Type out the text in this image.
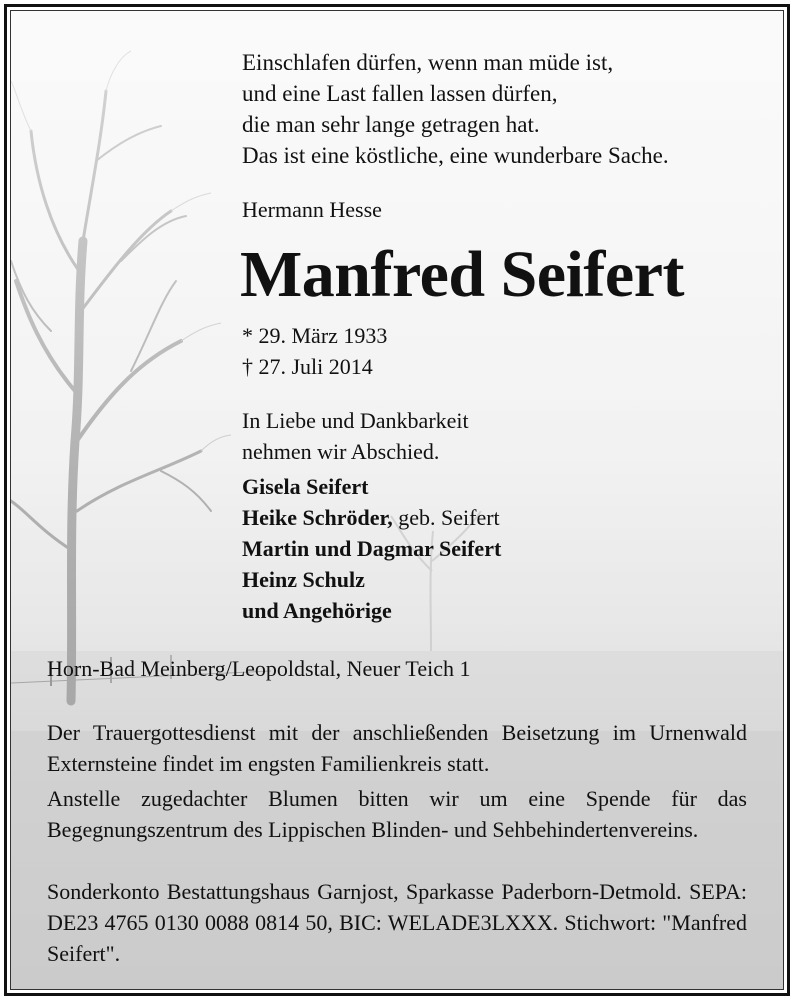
Einschlafen dürfen, wenn man müde ist,
und eine Last fallen lassen dürfen,
die man sehr lange getragen hat.
Das ist eine köstliche, eine wunderbare Sache.
Hermann Hesse
Manfred Seifert
* 29. März 1933
† 27. Juli 2014
In Liebe und Dankbarkeit
nehmen wir Abschied.
Gisela Seifert
Heike Schröder, geb. Seifert
Martin und Dagmar Seifert
Heinz Schulz
und Angehörige
Horn-Bad Meinberg/Leopoldstal, Neuer Teich 1

Der Trauergottesdienst mit der anschließenden Beisetzung im Urnenwald Externsteine findet im engsten Familienkreis statt.

Anstelle zugedachter Blumen bitten wir um eine Spende für das Begegnungszentrum des Lippischen Blinden- und Sehbehindertenvereins.

Sonderkonto Bestattungshaus Garnjost, Sparkasse Paderborn-Detmold. SEPA: DE23 4765 0130 0088 0814 50, BIC: WELADE3LXXX. Stichwort: "Manfred Seifert".
